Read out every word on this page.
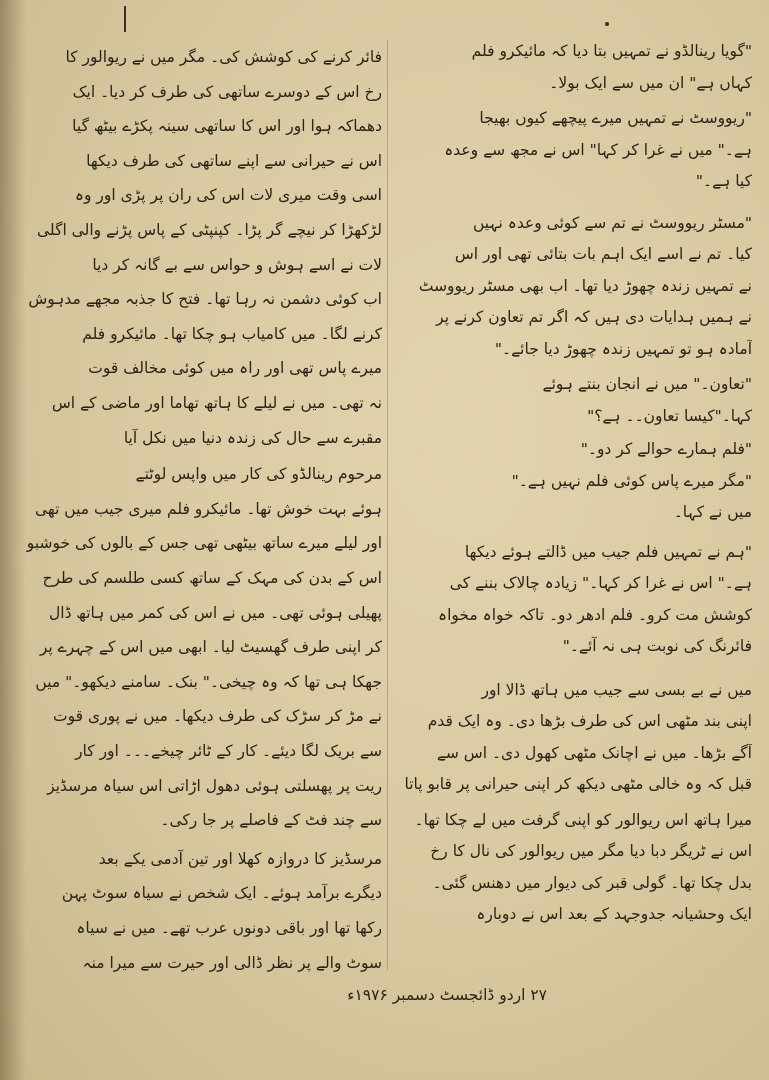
فائر کرنے کی کوشش کی۔ مگر میں نے ریوالور کا
رخ اس کے دوسرے ساتھی کی طرف کر دیا۔ ایک
دھماکہ ہوا اور اس کا ساتھی سینہ پکڑے بیٹھ گیا
اس نے حیرانی سے اپنے ساتھی کی طرف دیکھا
اسی وقت میری لات اس کی ران پر پڑی اور وہ
لڑکھڑا کر نیچے گر پڑا۔ کپنپٹی کے پاس پڑنے والی اگلی
لات نے اسے ہوش و حواس سے بے گانہ کر دیا
اب کوئی دشمن نہ رہا تھا۔ فتح کا جذبہ مجھے مدہوش
کرنے لگا۔ میں کامیاب ہو چکا تھا۔ مائیکرو فلم
میرے پاس تھی اور راہ میں کوئی مخالف قوت
نہ تھی۔ میں نے لیلے کا ہاتھ تھاما اور ماضی کے اس
مقبرے سے حال کی زندہ دنیا میں نکل آیا
مرحوم رینالڈو کی کار میں واپس لوٹتے
ہوئے بہت خوش تھا۔ مائیکرو فلم میری جیب میں تھی
اور لیلے میرے ساتھ بیٹھی تھی جس کے بالوں کی خوشبو
اس کے بدن کی مہک کے ساتھ کسی طلسم کی طرح
پھیلی ہوئی تھی۔ میں نے اس کی کمر میں ہاتھ ڈال
کر اپنی طرف گھسیٹ لیا۔ ابھی میں اس کے چہرے پر
جھکا ہی تھا کہ وہ چیخی۔" بنک۔ سامنے دیکھو۔" میں
نے مڑ کر سڑک کی طرف دیکھا۔ میں نے پوری قوت
سے بریک لگا دیئے۔ کار کے ٹائر چیخے۔۔۔ اور کار
ریت پر پھسلتی ہوئی دھول اڑاتی اس سیاہ مرسڈیز
سے چند فٹ کے فاصلے پر جا رکی۔
مرسڈیز کا دروازہ کھلا اور تین آدمی یکے بعد
دیگرے برآمد ہوئے۔ ایک شخص نے سیاہ سوٹ پہن
رکھا تھا اور باقی دونوں عرب تھے۔ میں نے سیاہ
سوٹ والے پر نظر ڈالی اور حیرت سے میرا منہ
"گویا رینالڈو نے تمہیں بتا دیا کہ مائیکرو فلم
کہاں ہے" ان میں سے ایک بولا۔
"ریووسٹ نے تمہیں میرے پیچھے کیوں بھیجا
ہے۔" میں نے غرا کر کہا" اس نے مجھ سے وعدہ
کیا ہے۔"
"مسٹر ریووسٹ نے تم سے کوئی وعدہ نہیں
کیا۔ تم نے اسے ایک اہم بات بتائی تھی اور اس
نے تمہیں زندہ چھوڑ دیا تھا۔ اب بھی مسٹر ریووسٹ
نے ہمیں ہدایات دی ہیں کہ اگر تم تعاون کرنے پر
آمادہ ہو تو تمہیں زندہ چھوڑ دیا جائے۔"
"تعاون۔" میں نے انجان بنتے ہوئے
کہا۔"کیسا تعاون۔۔ ہے؟"
"فلم ہمارے حوالے کر دو۔"
"مگر میرے پاس کوئی فلم نہیں ہے۔"
میں نے کہا۔
"ہم نے تمہیں فلم جیب میں ڈالتے ہوئے دیکھا
ہے۔" اس نے غرا کر کہا۔" زیادہ چالاک بننے کی
کوشش مت کرو۔ فلم ادھر دو۔ تاکہ خواہ مخواہ
فائرنگ کی نوبت ہی نہ آئے۔"
میں نے بے بسی سے جیب میں ہاتھ ڈالا اور
اپنی بند مٹھی اس کی طرف بڑھا دی۔ وہ ایک قدم
آگے بڑھا۔ میں نے اچانک مٹھی کھول دی۔ اس سے
قبل کہ وہ خالی مٹھی دیکھ کر اپنی حیرانی پر قابو پاتا
میرا ہاتھ اس ریوالور کو اپنی گرفت میں لے چکا تھا۔
اس نے ٹریگر دبا دیا مگر میں ریوالور کی نال کا رخ
بدل چکا تھا۔ گولی قبر کی دیوار میں دھنس گئی۔
ایک وحشیانہ جدوجہد کے بعد اس نے دوبارہ
۲۷ اردو ڈائجسٹ دسمبر ۱۹۷۶ء
